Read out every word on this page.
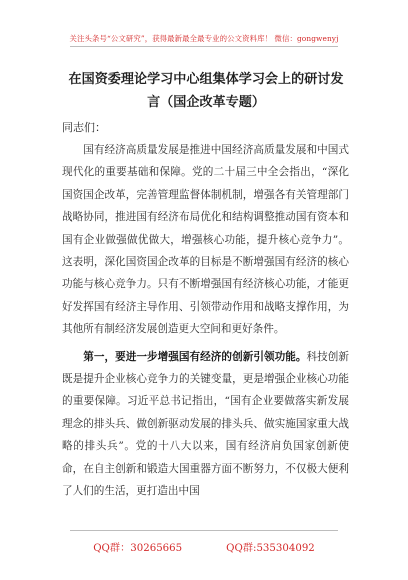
关注头条号“公文研究”，获得最新最全最专业的公文资料库！ 微信：gongwenyj
在国资委理论学习中心组集体学习会上的研讨发言（国企改革专题）
同志们：

国有经济高质量发展是推进中国经济高质量发展和中国式现代化的重要基础和保障。党的二十届三中全会指出，“深化国资国企改革，完善管理监督体制机制，增强各有关管理部门战略协同，推进国有经济布局优化和结构调整推动国有资本和国有企业做强做优做大，增强核心功能，提升核心竞争力”。这表明，深化国资国企改革的目标是不断增强国有经济的核心功能与核心竞争力。只有不断增强国有经济核心功能，才能更好发挥国有经济主导作用、引领带动作用和战略支撑作用，为其他所有制经济发展创造更大空间和更好条件。

第一，要进一步增强国有经济的创新引领功能。科技创新既是提升企业核心竞争力的关键变量，更是增强企业核心功能的重要保障。习近平总书记指出，“国有企业要做落实新发展理念的排头兵、做创新驱动发展的排头兵、做实施国家重大战略的排头兵”。党的十八大以来，国有经济肩负国家创新使命，在自主创新和锻造大国重器方面不断努力，不仅极大便利了人们的生活，更打造出中国

QQ群：30265665	QQ群:535304092
